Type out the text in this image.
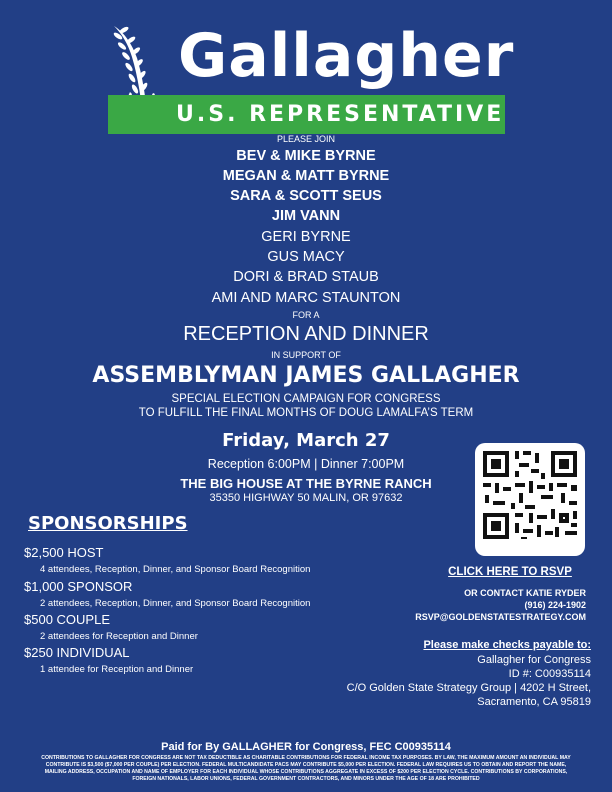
Gallagher
U.S. REPRESENTATIVE
PLEASE JOIN
BEV & MIKE BYRNE
MEGAN & MATT BYRNE
SARA & SCOTT SEUS
JIM VANN
GERI BYRNE
GUS MACY
DORI & BRAD STAUB
AMI AND MARC STAUNTON
FOR A
RECEPTION AND DINNER
IN SUPPORT OF
ASSEMBLYMAN JAMES GALLAGHER
SPECIAL ELECTION CAMPAIGN FOR CONGRESS
TO FULFILL THE FINAL MONTHS OF DOUG LAMALFA’S TERM
Friday, March 27
Reception 6:00PM | Dinner 7:00PM
THE BIG HOUSE AT THE BYRNE RANCH
35350 HIGHWAY 50 MALIN, OR 97632
SCAN HERE
SPONSORSHIPS
$2,500 HOST
4 attendees, Reception, Dinner, and Sponsor Board Recognition
$1,000 SPONSOR
2 attendees, Reception, Dinner, and Sponsor Board Recognition
$500 COUPLE
2 attendees for Reception and Dinner
$250 INDIVIDUAL
1 attendee for Reception and Dinner
CLICK HERE TO RSVP
OR CONTACT KATIE RYDER
(916) 224-1902
RSVP@GOLDENSTATESTRATEGY.COM
Please make checks payable to:
Gallagher for Congress
ID #: C00935114
C/O Golden State Strategy Group | 4202 H Street,
Sacramento, CA 95819
Paid for By GALLAGHER for Congress, FEC C00935114
CONTRIBUTIONS TO GALLAGHER FOR CONGRESS ARE NOT TAX DEDUCTIBLE AS CHARITABLE CONTRIBUTIONS FOR FEDERAL INCOME TAX PURPOSES. BY LAW, THE MAXIMUM AMOUNT AN INDIVIDUAL MAY CONTRIBUTE IS $3,500 ($7,000 PER COUPLE) PER ELECTION. FEDERAL MULTICANDIDATE PACS MAY CONTRIBUTE $5,000 PER ELECTION. FEDERAL LAW REQUIRES US TO OBTAIN AND REPORT THE NAME, MAILING ADDRESS, OCCUPATION AND NAME OF EMPLOYER FOR EACH INDIVIDUAL WHOSE CONTRIBUTIONS AGGREGATE IN EXCESS OF $200 PER ELECTION CYCLE. CONTRIBUTIONS BY CORPORATIONS, FOREIGN NATIONALS, LABOR UNIONS, FEDERAL GOVERNMENT CONTRACTORS, AND MINORS UNDER THE AGE OF 18 ARE PROHIBITED
